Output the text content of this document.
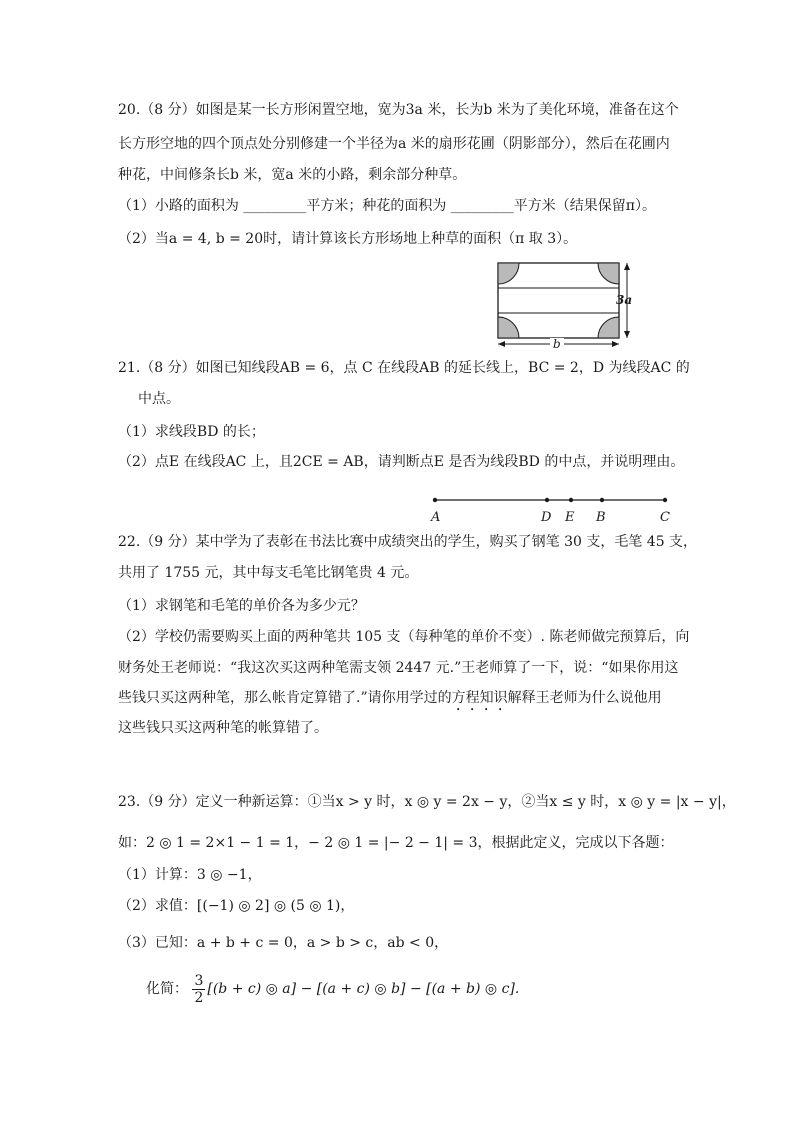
20.（8 分）如图是某一长方形闲置空地，宽为3a 米，长为b 米为了美化环境，准备在这个
长方形空地的四个顶点处分别修建一个半径为a 米的扇形花圃（阴影部分），然后在花圃内
种花，中间修条长b 米，宽a 米的小路，剩余部分种草。
（1）小路的面积为 _________平方米；种花的面积为 _________平方米（结果保留π）。
（2）当a = 4, b = 20时，请计算该长方形场地上种草的面积（π 取 3）。
3a
b
21.（8 分）如图已知线段AB = 6，点 C 在线段AB 的延长线上，BC = 2，D 为线段AC 的
中点。
（1）求线段BD 的长；
（2）点E 在线段AC 上，且2CE = AB，请判断点E 是否为线段BD 的中点，并说明理由。
A	D E B	C
22.（9 分）某中学为了表彰在书法比赛中成绩突出的学生，购买了钢笔 30 支，毛笔 45 支，
共用了 1755 元，其中每支毛笔比钢笔贵 4 元。
（1）求钢笔和毛笔的单价各为多少元？
（2）学校仍需要购买上面的两种笔共 105 支（每种笔的单价不变）. 陈老师做完预算后，向
财务处王老师说：“我这次买这两种笔需支领 2447 元.”王老师算了一下，说：“如果你用这
些钱只买这两种笔，那么帐肯定算错了.”请你用学过的方程知识解释王老师为什么说他用
这些钱只买这两种笔的帐算错了。
23.（9 分）定义一种新运算：①当x > y 时，x ◎ y = 2x − y，②当x ≤ y 时，x ◎ y = |x − y|，
如：2 ◎ 1 = 2×1 − 1 = 1，− 2 ◎ 1 = |− 2 − 1| = 3，根据此定义，完成以下各题：
（1）计算：3 ◎ −1，
（2）求值：[(−1) ◎ 2] ◎ (5 ◎ 1)，
（3）已知：a + b + c = 0，a > b > c，ab < 0，
化简： $\frac{3}{2} [(b + c)$ ◎ a] − [(a + c) ◎ b] − [(a + b) ◎ c].
